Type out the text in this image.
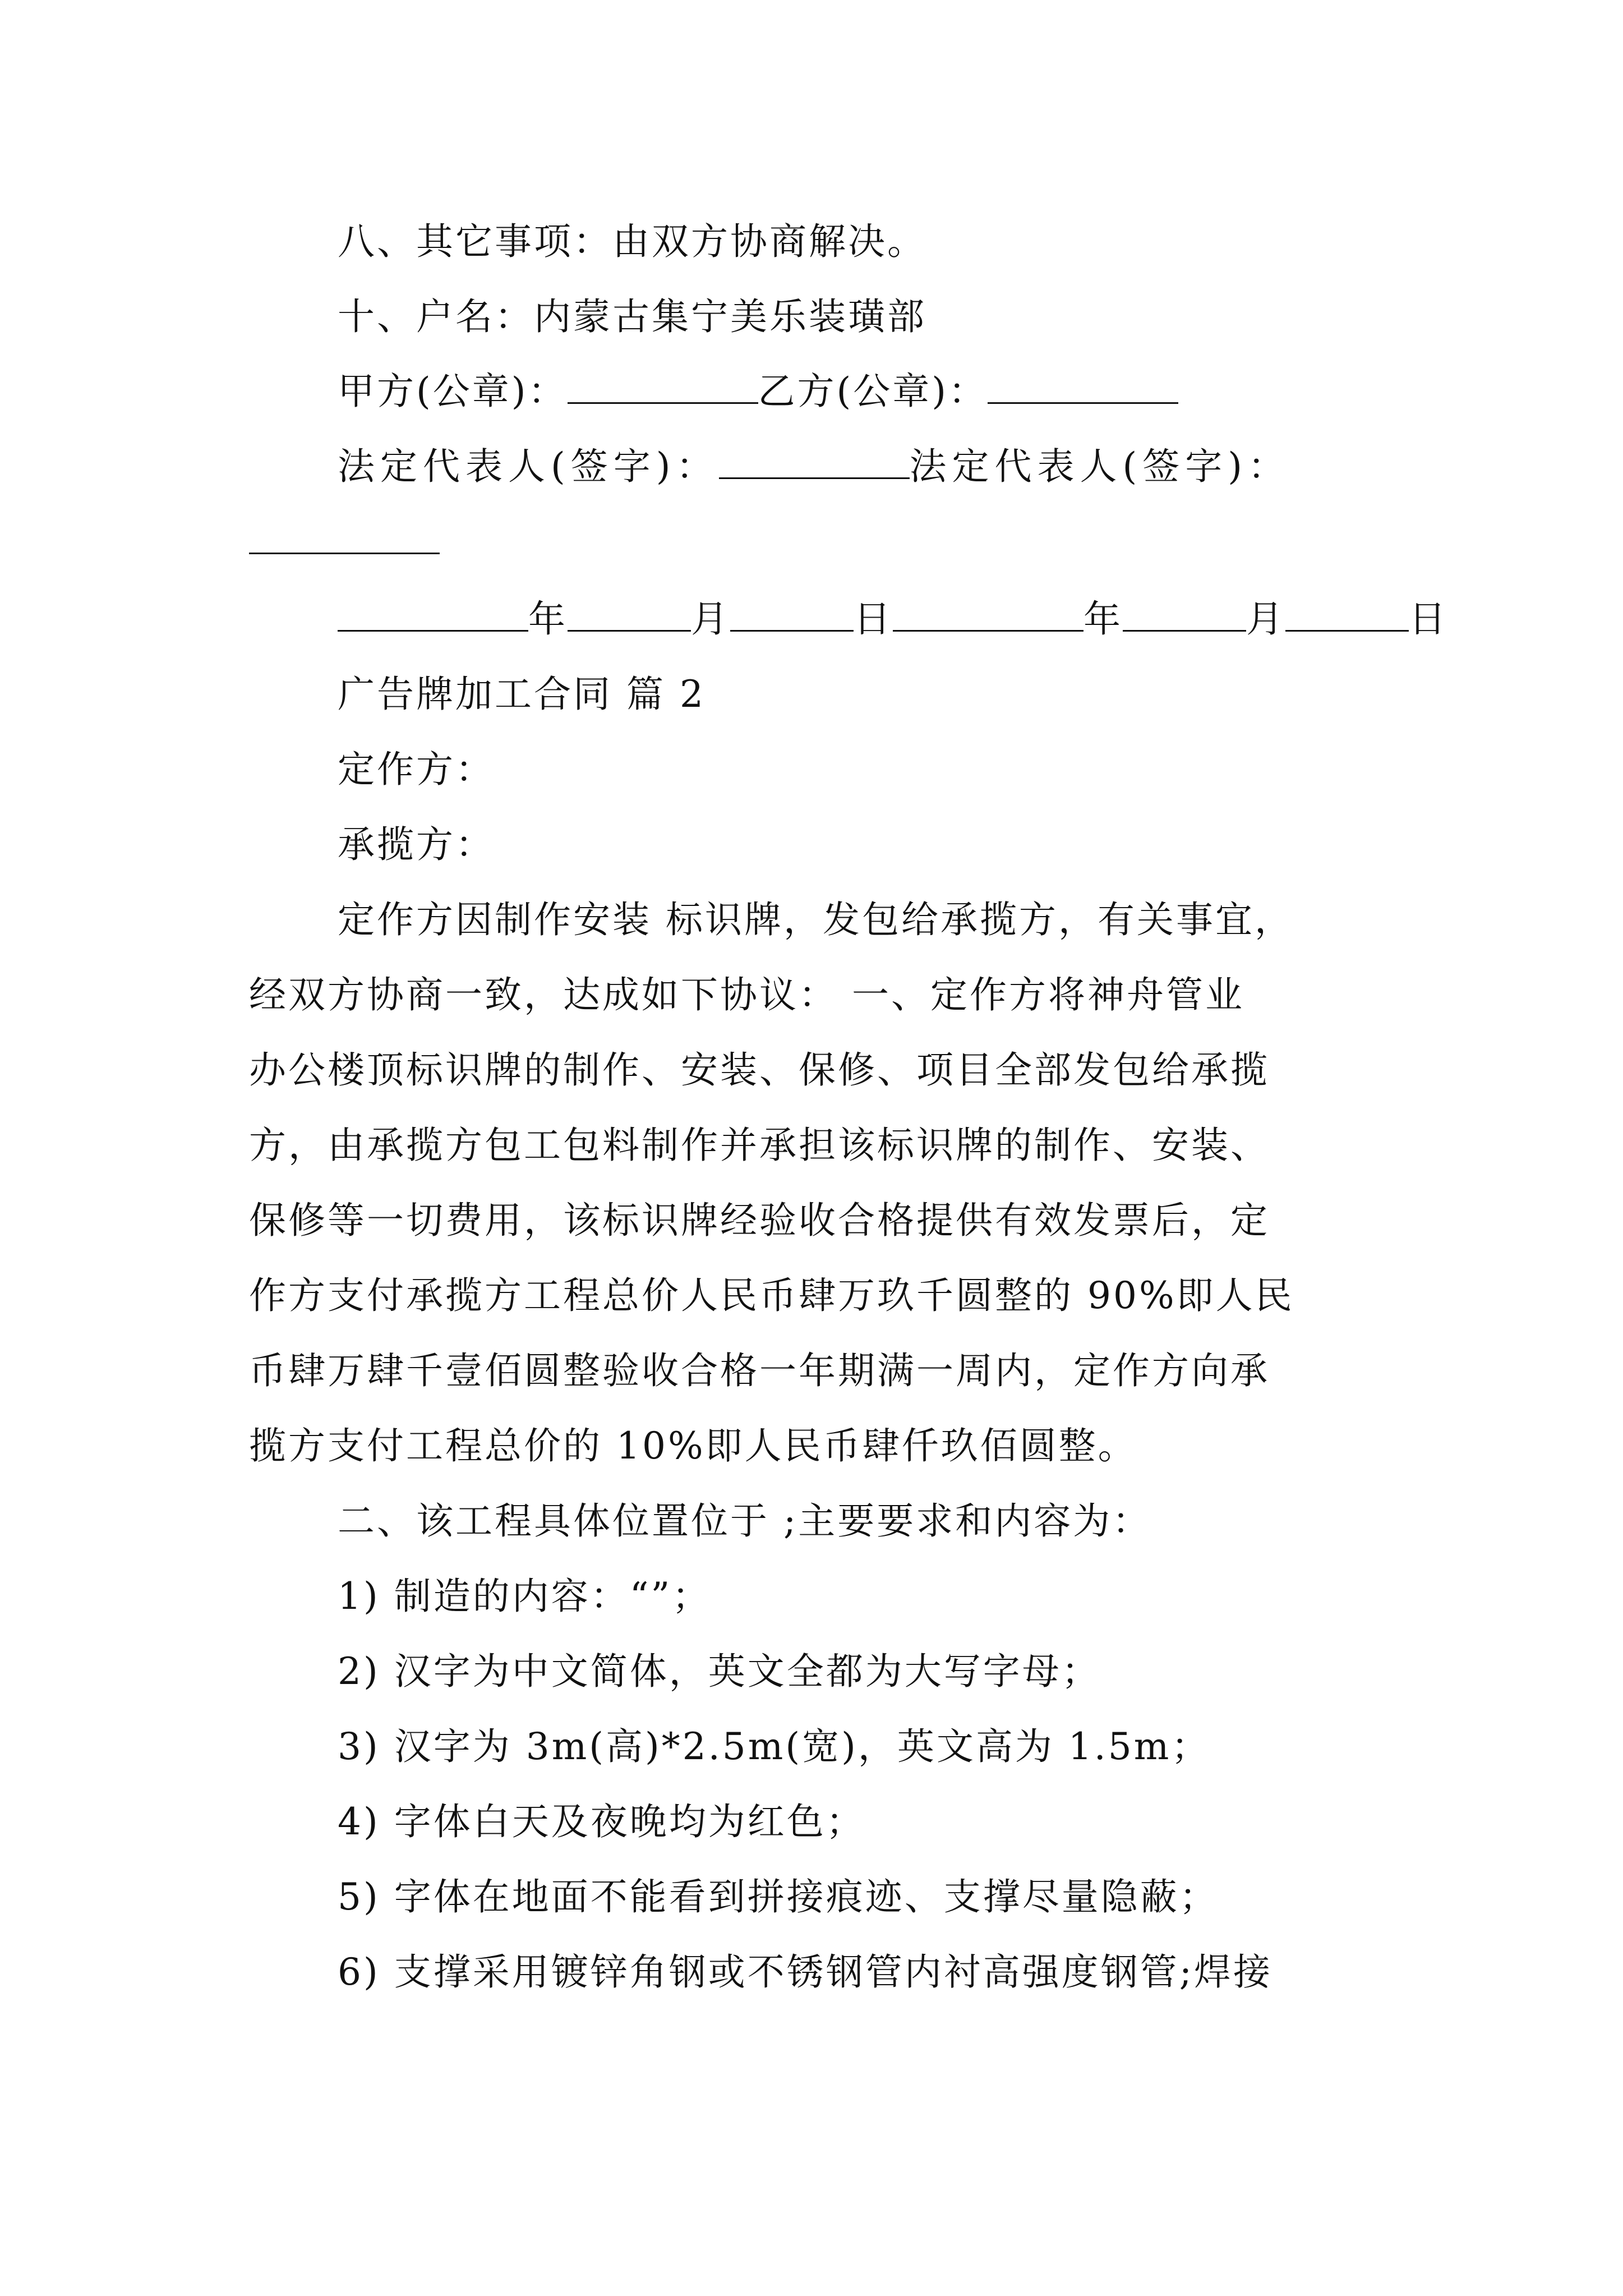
八、其它事项：由双方协商解决。
十、户名：内蒙古集宁美乐装璜部
甲方(公章)：	乙方(公章)：
法定代表人(签字)：	法定代表人(签字)：
年	月	日	年	月	日
广告牌加工合同 篇 2
定作方：
承揽方：
定作方因制作安装 标识牌，发包给承揽方，有关事宜，
经双方协商一致，达成如下协议： 一、定作方将神舟管业
办公楼顶标识牌的制作、安装、保修、项目全部发包给承揽
方，由承揽方包工包料制作并承担该标识牌的制作、安装、
保修等一切费用，该标识牌经验收合格提供有效发票后，定
作方支付承揽方工程总价人民币肆万玖千圆整的 90%即人民
币肆万肆千壹佰圆整验收合格一年期满一周内，定作方向承
揽方支付工程总价的 10%即人民币肆仟玖佰圆整。
二、该工程具体位置位于 ;主要要求和内容为：
1) 制造的内容：“”；
2) 汉字为中文简体，英文全都为大写字母；
3) 汉字为 3m(高)*2.5m(宽)，英文高为 1.5m；
4) 字体白天及夜晚均为红色；
5) 字体在地面不能看到拼接痕迹、支撑尽量隐蔽；
6) 支撑采用镀锌角钢或不锈钢管内衬高强度钢管;焊接
